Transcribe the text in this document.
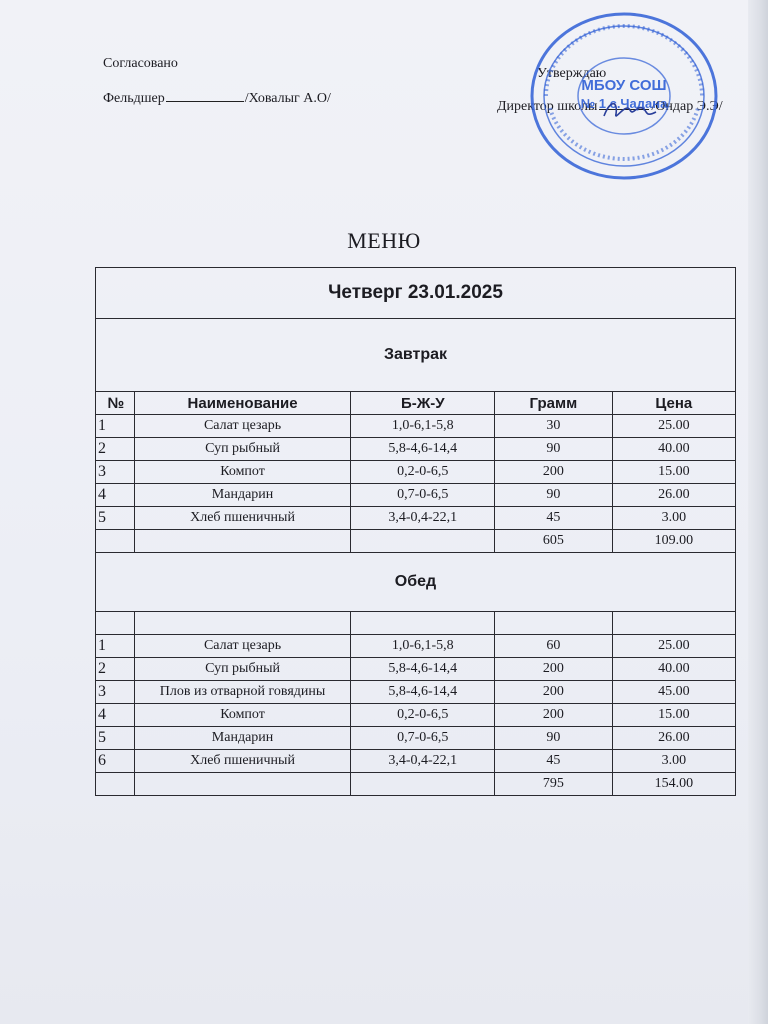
Согласовано
Фельдшер	/Ховалыг А.О/
Утверждаю
Директор школы	/Ондар Э.Э/
МБОУ СОШ
№ 1 с.Чадана
МЕНЮ
Четверг 23.01.2025				
Завтрак				
№	Наименование	Б-Ж-У	Грамм	Цена
1	Салат цезарь	1,0-6,1-5,8	30	25.00
2	Суп рыбный	5,8-4,6-14,4	90	40.00
3	Компот	0,2-0-6,5	200	15.00
4	Мандарин	0,7-0-6,5	90	26.00
5	Хлеб пшеничный	3,4-0,4-22,1	45	3.00
			605	109.00
Обед				

1	Салат цезарь	1,0-6,1-5,8	60	25.00
2	Суп рыбный	5,8-4,6-14,4	200	40.00
3	Плов из отварной говядины	5,8-4,6-14,4	200	45.00
4	Компот	0,2-0-6,5	200	15.00
5	Мандарин	0,7-0-6,5	90	26.00
6	Хлеб пшеничный	3,4-0,4-22,1	45	3.00
			795	154.00
